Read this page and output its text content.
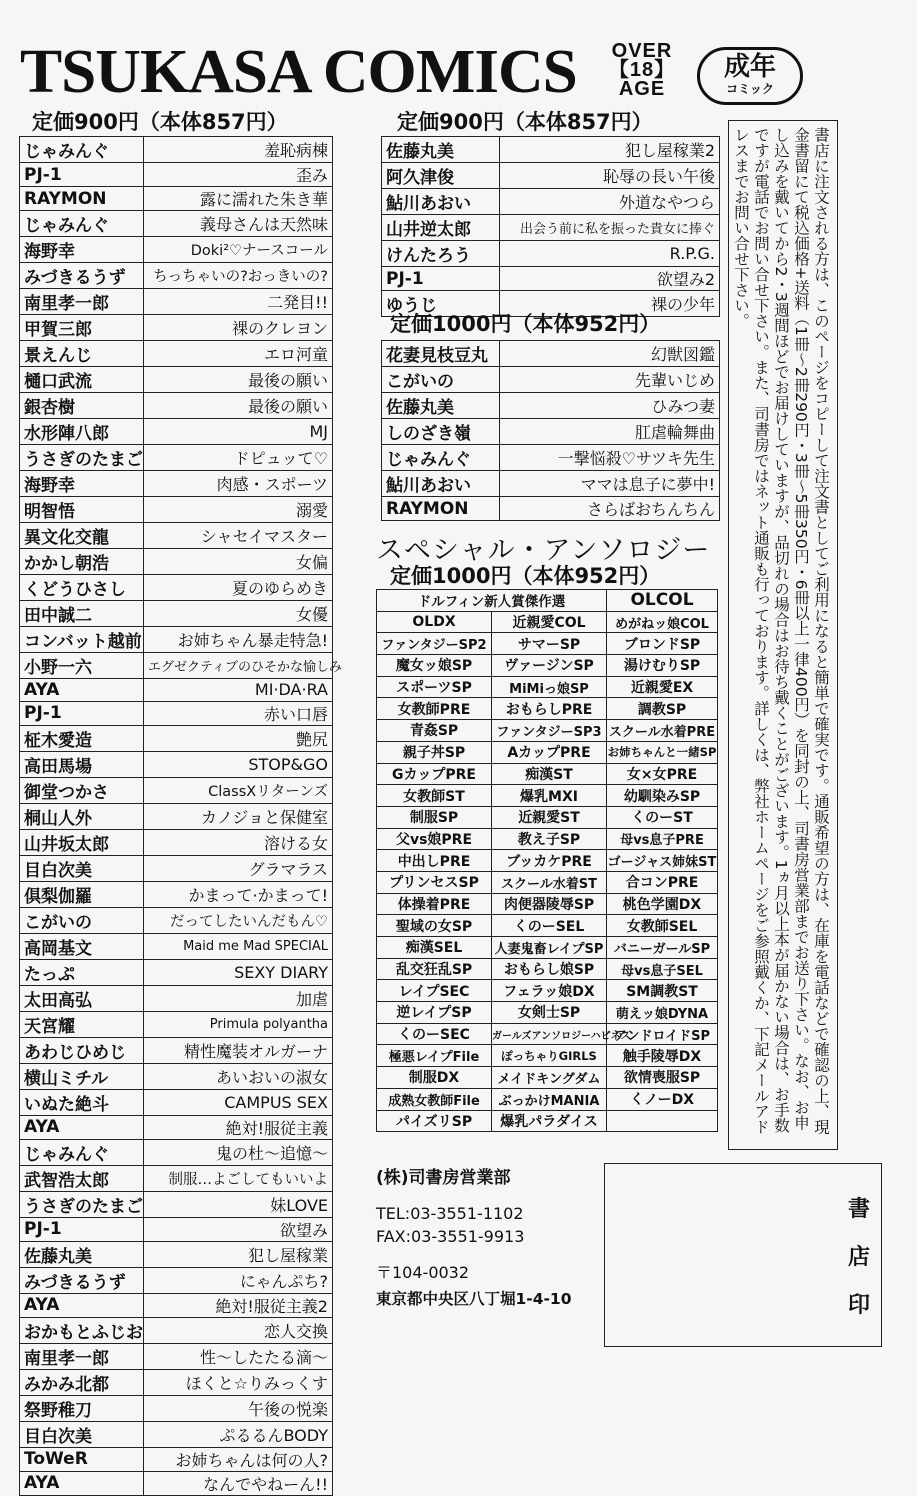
TSUKASA COMICS	OVER
【18】
AGE
成年
コミック
定価900円（本体857円）
じゃみんぐ	羞恥病棟
PJ-1	歪み
RAYMON	露に濡れた朱き華
じゃみんぐ	義母さんは天然味
海野幸	Doki²♡ナースコール
みづきるうず	ちっちゃいの?おっきいの?
南里孝一郎	二発目!!
甲賀三郎	裸のクレヨン
景えんじ	エロ河童
樋口武流	最後の願い
銀杏樹	最後の願い
水形陣八郎	MJ
うさぎのたまご	ドピュッて♡
海野幸	肉感・スポーツ
明智悟	溺愛
異文化交龍	シャセイマスター
かかし朝浩	女偏
くどうひさし	夏のゆらめき
田中誠二	女優
コンバット越前	お姉ちゃん暴走特急!
小野一六	エグゼクティブのひそかな愉しみ
AYA	MI·DA·RA
PJ-1	赤い口唇
柾木愛造	艶尻
高田馬場	STOP&GO
御堂つかさ	ClassXリターンズ
桐山人外	カノジョと保健室
山井坂太郎	溶ける女
目白次美	グラマラス
倶梨伽羅	かまって·かまって!
こがいの	だってしたいんだもん♡
高岡基文	Maid me Mad SPECIAL
たっぷ	SEXY DIARY
太田高弘	加虐
天宮耀	Primula polyantha
あわじひめじ	精性魔装オルガーナ
横山ミチル	あいおいの淑女
いぬた絶斗	CAMPUS SEX
AYA	絶対!服従主義
じゃみんぐ	鬼の杜〜追憶〜
武智浩太郎	制服…よごしてもいいよ
うさぎのたまご	妹LOVE
PJ-1	欲望み
佐藤丸美	犯し屋稼業
みづきるうず	にゃんぷち?
AYA	絶対!服従主義2
おかもとふじお	恋人交換
南里孝一郎	性〜したたる滴〜
みかみ北都	ほくと☆りみっくす
祭野稚刀	午後の悦楽
目白次美	ぷるるんBODY
ToWeR	お姉ちゃんは何の人?
AYA	なんでやねーん!!
定価900円（本体857円）
佐藤丸美	犯し屋稼業2
阿久津俊	恥辱の長い午後
鮎川あおい	外道なやつら
山井逆太郎	出会う前に私を振った貴女に捧ぐ
けんたろう	R.P.G.
PJ-1	欲望み2
ゆうじ	裸の少年
定価1000円（本体952円）
花妻見枝豆丸	幻獣図鑑
こがいの	先輩いじめ
佐藤丸美	ひみつ妻
しのざき嶺	肛虐輪舞曲
じゃみんぐ	一撃悩殺♡サツキ先生
鮎川あおい	ママは息子に夢中!
RAYMON	さらばおちんちん
スペシャル・アンソロジー
定価1000円（本体952円）
ドルフィン新人賞傑作選		OLCOL
OLDX	近親愛COL	めがねッ娘COL
ファンタジーSP2	サマーSP	ブロンドSP
魔女ッ娘SP	ヴァージンSP	湯けむりSP
スポーツSP	MiMiっ娘SP	近親愛EX
女教師PRE	おもらしPRE	調教SP
青姦SP	ファンタジーSP3	スクール水着PRE
親子丼SP	AカップPRE	お姉ちゃんと一緒SP
GカップPRE	痴漢ST	女×女PRE
女教師ST	爆乳MXI	幼馴染みSP
制服SP	近親愛ST	くのーST
父vs娘PRE	教え子SP	母vs息子PRE
中出しPRE	ブッカケPRE	ゴージャス姉妹ST
プリンセスSP	スクール水着ST	合コンPRE
体操着PRE	肉便器陵辱SP	桃色学園DX
聖域の女SP	くのーSEL	女教師SEL
痴漢SEL	人妻鬼畜レイプSP	バニーガールSP
乱交狂乱SP	おもらし娘SP	母vs息子SEL
レイプSEC	フェラッ娘DX	SM調教ST
逆レイプSP	女剣士SP	萌えッ娘DYNA
くのーSEC	ガールズアンソロジーハピネス	アンドロイドSP
極悪レイプFile	ぽっちゃりGIRLS	触手陵辱DX
制服DX	メイドキングダム	欲情喪服SP
成熟女教師File	ぶっかけMANIA	くノーDX
パイズリSP	爆乳パラダイス	
(株)司書房営業部
TEL:03-3551-1102
FAX:03-3551-9913
〒104-0032
東京都中央区八丁堀1-4-10
書店に注文される方は、このページをコピーして注文書としてご利用になると簡単で確実です。通販希望の方は、在庫を電話などで確認の上、現金書留にて税込価格+送料（1冊〜2冊290円・3冊〜5冊350円・6冊以上一律400円）を同封の上、司書房営業部までお送り下さい。なお、お申し込みを戴いてから2・3週間ほどでお届けしていますが、品切れの場合はお待ち戴くことがございます。1ヵ月以上本が届かない場合は、お手数ですが電話でお問い合せ下さい。また、司書房ではネット通販も行っております。詳しくは、弊社ホームページをご参照戴くか、下記メールアドレスまでお問い合せ下さい。
書店印
